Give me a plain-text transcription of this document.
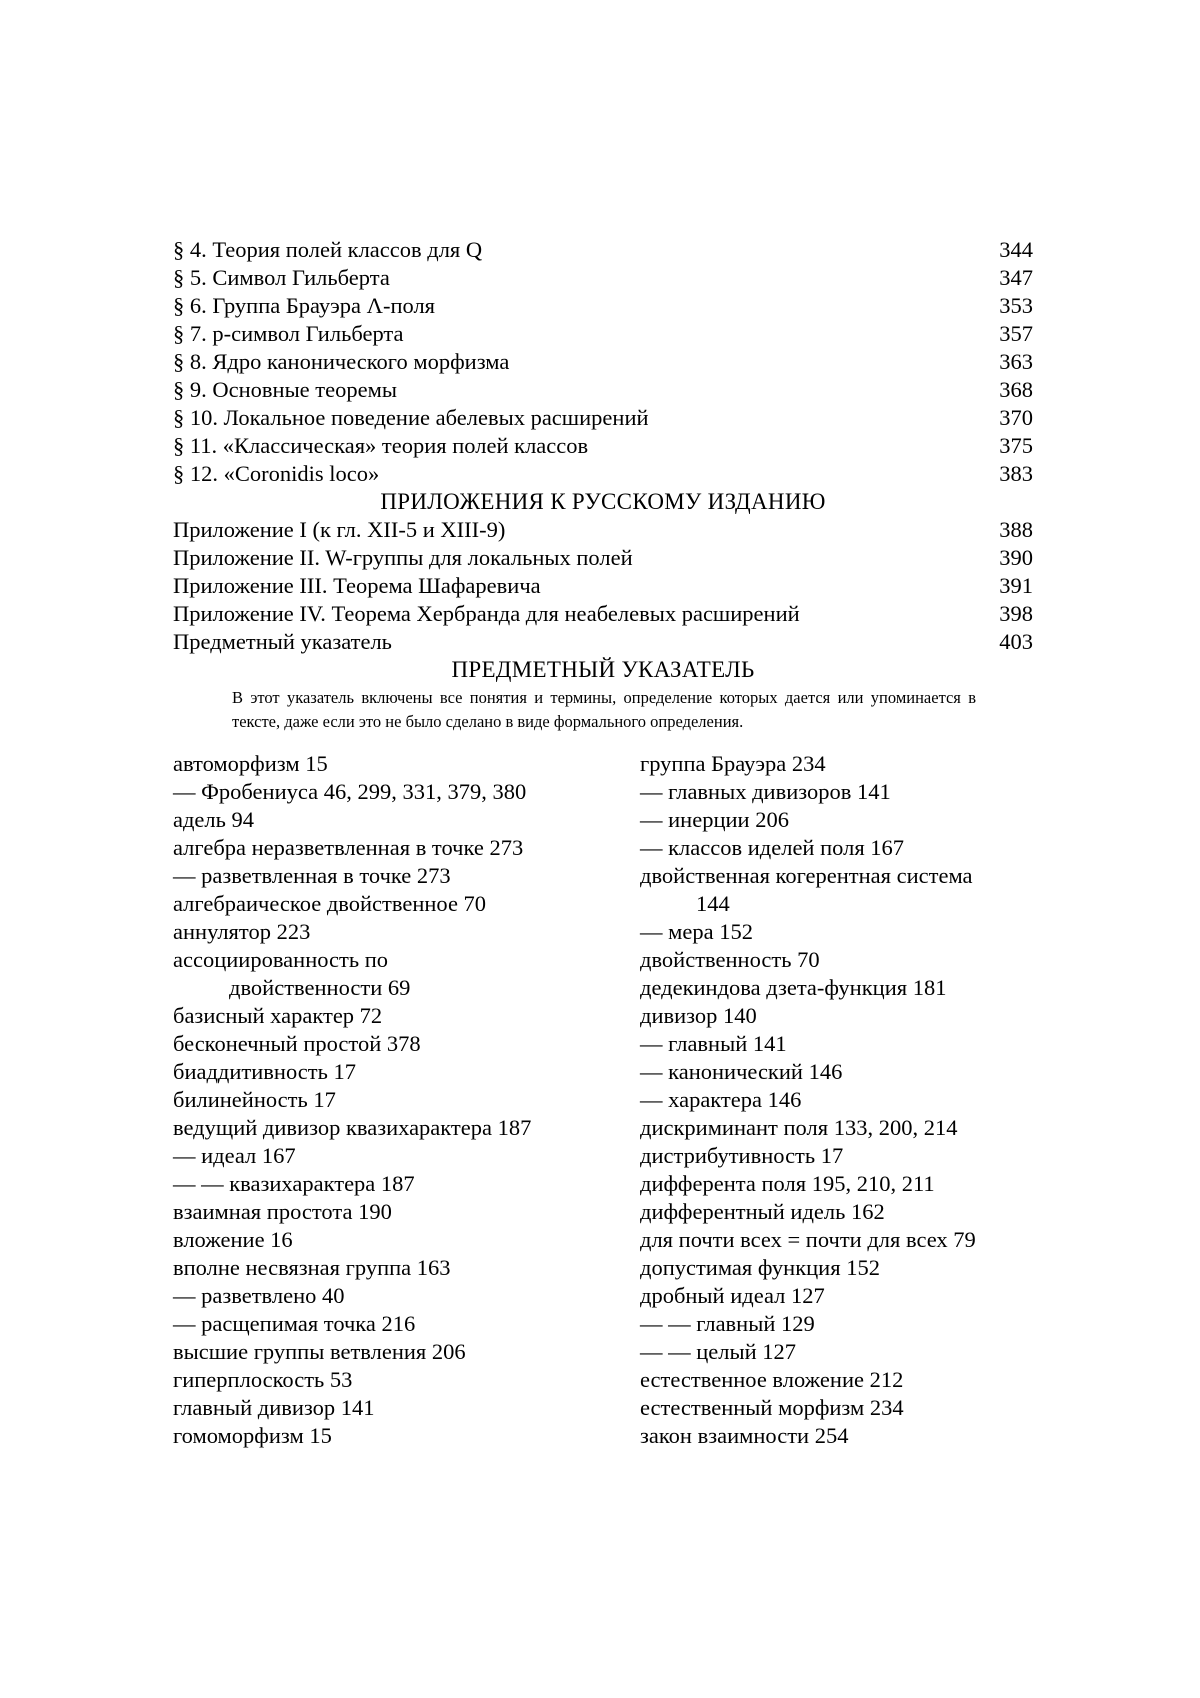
§ 4. Теория полей классов для Q	344
§ 5. Символ Гильберта	347
§ 6. Группа Брауэра Λ-поля	353
§ 7. p-символ Гильберта	357
§ 8. Ядро канонического морфизма	363
§ 9. Основные теоремы	368
§ 10. Локальное поведение абелевых расширений	370
§ 11. «Классическая» теория полей классов	375
§ 12. «Coronidis loco»	383
ПРИЛОЖЕНИЯ К РУССКОМУ ИЗДАНИЮ
Приложение I (к гл. XII-5 и XIII-9)	388
Приложение II. W-группы для локальных полей	390
Приложение III. Теорема Шафаревича	391
Приложение IV. Теорема Хербранда для неабелевых расширений	398
Предметный указатель	403
ПРЕДМЕТНЫЙ УКАЗАТЕЛЬ
В этот указатель включены все понятия и термины, определение которых дается или упоминается в тексте, даже если это не было сделано в виде формального определения.
автоморфизм 15
— Фробениуса 46, 299, 331, 379, 380
адель 94
алгебра неразветвленная в точке 273
— разветвленная в точке 273
алгебраическое двойственное 70
аннулятор 223
ассоциированность по
двойственности 69
базисный характер 72
бесконечный простой 378
биаддитивность 17
билинейность 17
ведущий дивизор квазихарактера 187
— идеал 167
— — квазихарактера 187
взаимная простота 190
вложение 16
вполне несвязная группа 163
— разветвлено 40
— расщепимая точка 216
высшие группы ветвления 206
гиперплоскость 53
главный дивизор 141
гомоморфизм 15
группа Брауэра 234
— главных дивизоров 141
— инерции 206
— классов иделей поля 167
двойственная когерентная система
144
— мера 152
двойственность 70
дедекиндова дзета-функция 181
дивизор 140
— главный 141
— канонический 146
— характера 146
дискриминант поля 133, 200, 214
дистрибутивность 17
дифферента поля 195, 210, 211
дифферентный идель 162
для почти всех = почти для всех 79
допустимая функция 152
дробный идеал 127
— — главный 129
— — целый 127
естественное вложение 212
естественный морфизм 234
закон взаимности 254
